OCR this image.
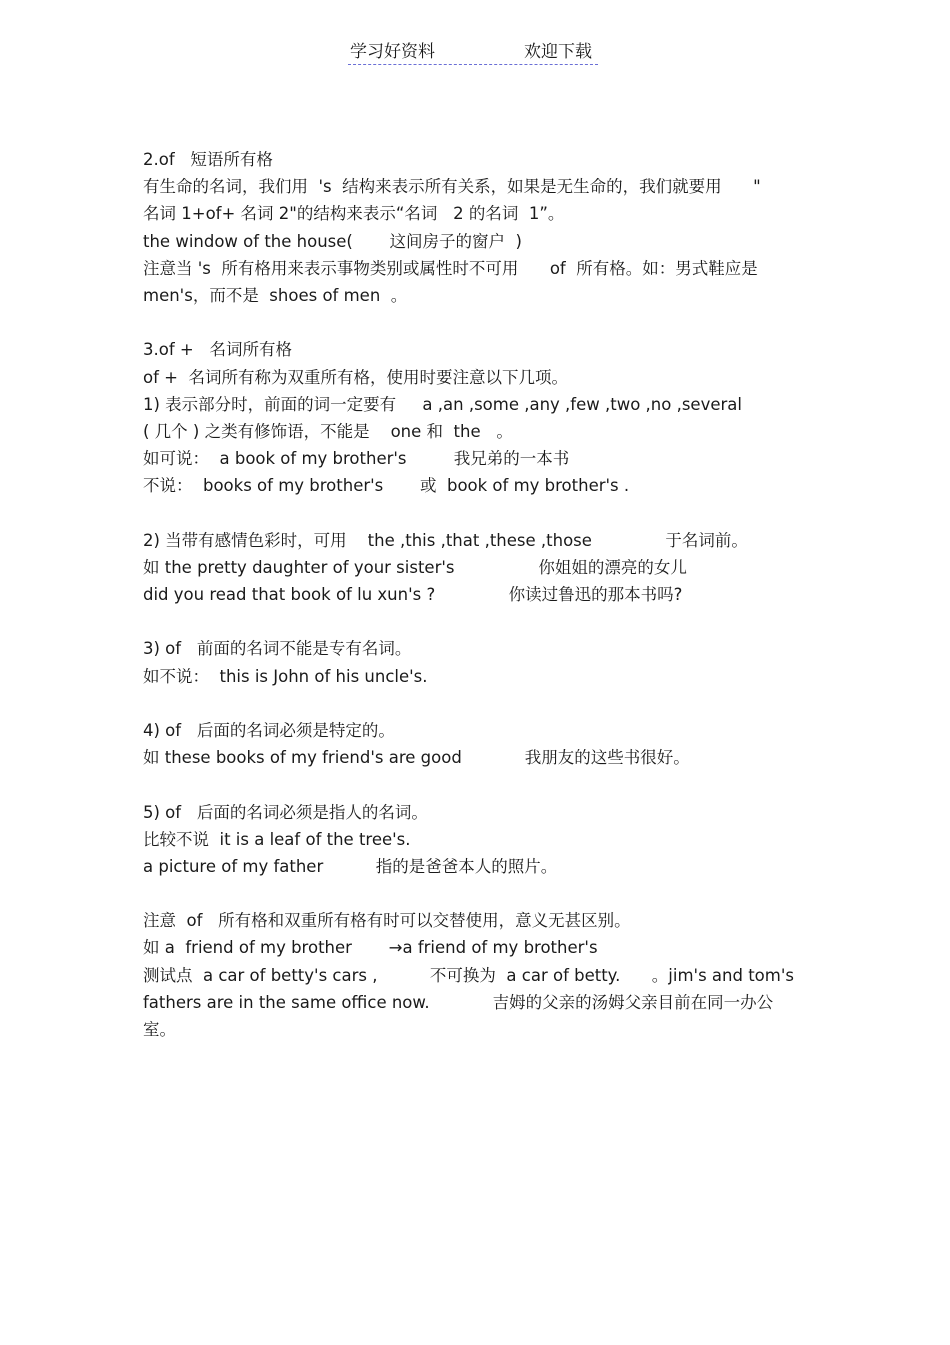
学习好资料	欢迎下载
2.of   短语所有格
有生命的名词，我们用  's  结构来表示所有关系，如果是无生命的，我们就要用      "
名词 1+of+ 名词 2"的结构来表示“名词   2 的名词  1”。
the window of the house(       这间房子的窗户  )
注意当 's  所有格用来表示事物类别或属性时不可用      of  所有格。如：男式鞋应是
men's，而不是  shoes of men  。
3.of +   名词所有格
of +  名词所有称为双重所有格，使用时要注意以下几项。
1) 表示部分时，前面的词一定要有     a ,an ,some ,any ,few ,two ,no ,several
( 几个 ) 之类有修饰语，不能是    one 和  the   。
如可说：  a book of my brother's         我兄弟的一本书
不说：  books of my brother's       或  book of my brother's .
2) 当带有感情色彩时，可用    the ,this ,that ,these ,those              于名词前。
如 the pretty daughter of your sister's                你姐姐的漂亮的女儿
did you read that book of lu xun's ?              你读过鲁迅的那本书吗?
3) of   前面的名词不能是专有名词。
如不说：  this is John of his uncle's.
4) of   后面的名词必须是特定的。
如 these books of my friend's are good            我朋友的这些书很好。
5) of   后面的名词必须是指人的名词。
比较不说  it is a leaf of the tree's.
a picture of my father          指的是爸爸本人的照片。
注意  of   所有格和双重所有格有时可以交替使用，意义无甚区别。
如 a  friend of my brother       →a friend of my brother's
测试点  a car of betty's cars ,          不可换为  a car of betty.      。jim's and tom's
fathers are in the same office now.            吉姆的父亲的汤姆父亲目前在同一办公
室。
